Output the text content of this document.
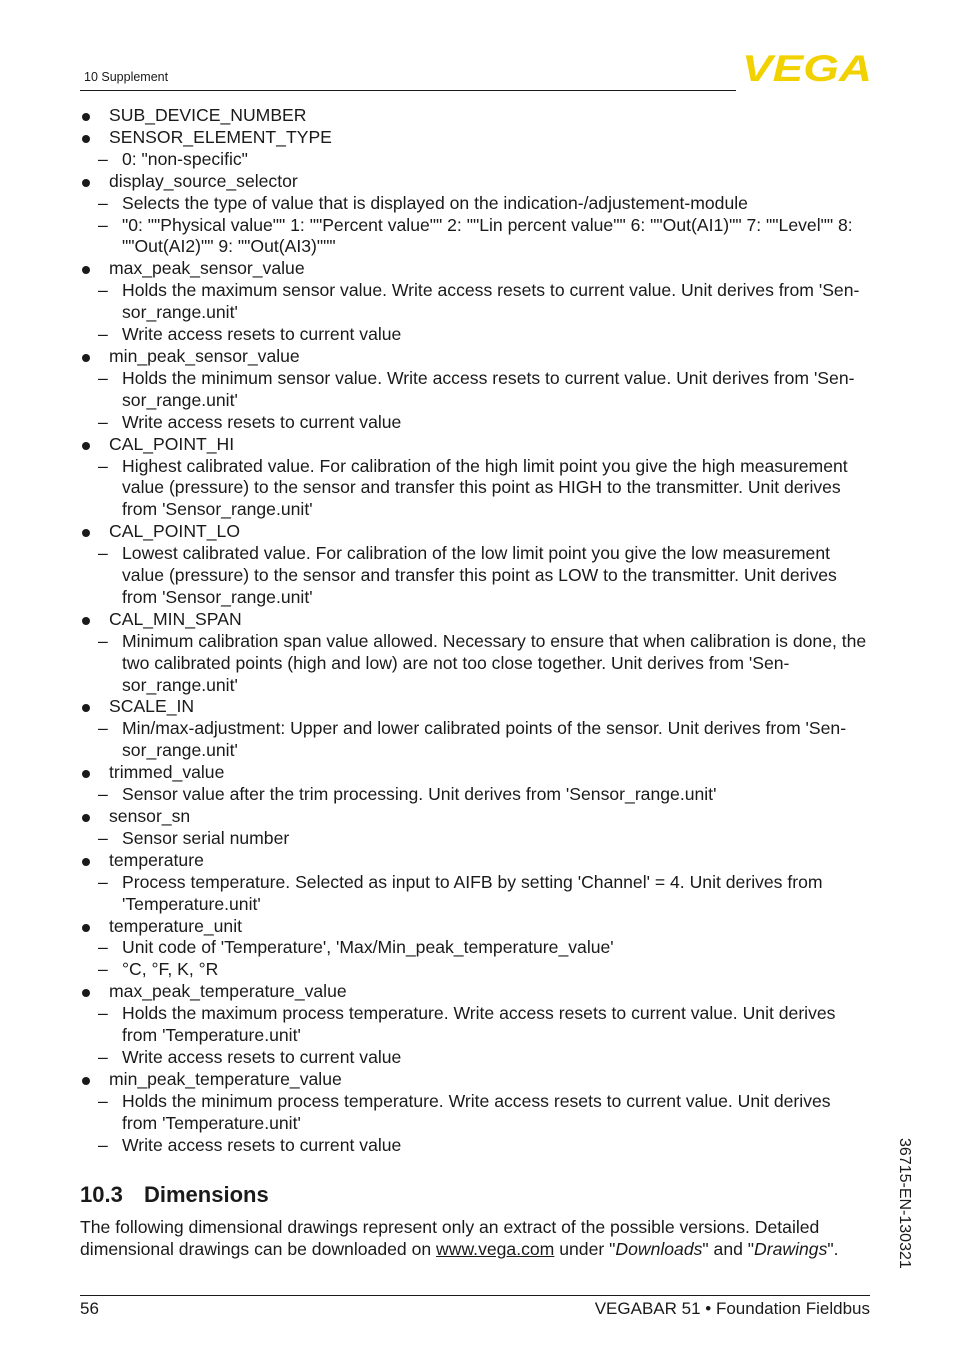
10 Supplement	VEGA
SUB_DEVICE_NUMBER
SENSOR_ELEMENT_TYPE
– 0: "non-specific"
display_source_selector
– Selects the type of value that is displayed on the indication-/adjustement-module
– "0: ""Physical value"" 1: ""Percent value"" 2: ""Lin percent value"" 6: ""Out(AI1)"" 7: ""Level"" 8: ""Out(AI2)"" 9: ""Out(AI3)"""
max_peak_sensor_value
– Holds the maximum sensor value. Write access resets to current value. Unit derives from 'Sensor_range.unit'
– Write access resets to current value
min_peak_sensor_value
– Holds the minimum sensor value. Write access resets to current value. Unit derives from 'Sensor_range.unit'
– Write access resets to current value
CAL_POINT_HI
– Highest calibrated value. For calibration of the high limit point you give the high measurement value (pressure) to the sensor and transfer this point as HIGH to the transmitter. Unit derives from 'Sensor_range.unit'
CAL_POINT_LO
– Lowest calibrated value. For calibration of the low limit point you give the low measurement value (pressure) to the sensor and transfer this point as LOW to the transmitter. Unit derives from 'Sensor_range.unit'
CAL_MIN_SPAN
– Minimum calibration span value allowed. Necessary to ensure that when calibration is done, the two calibrated points (high and low) are not too close together. Unit derives from 'Sensor_range.unit'
SCALE_IN
– Min/max-adjustment: Upper and lower calibrated points of the sensor. Unit derives from 'Sensor_range.unit'
trimmed_value
– Sensor value after the trim processing. Unit derives from 'Sensor_range.unit'
sensor_sn
– Sensor serial number
temperature
– Process temperature. Selected as input to AIFB by setting 'Channel' = 4. Unit derives from 'Temperature.unit'
temperature_unit
– Unit code of 'Temperature', 'Max/Min_peak_temperature_value'
– °C, °F, K, °R
max_peak_temperature_value
– Holds the maximum process temperature. Write access resets to current value. Unit derives from 'Temperature.unit'
– Write access resets to current value
min_peak_temperature_value
– Holds the minimum process temperature. Write access resets to current value. Unit derives from 'Temperature.unit'
– Write access resets to current value
10.3 Dimensions
The following dimensional drawings represent only an extract of the possible versions. Detailed dimensional drawings can be downloaded on www.vega.com under "Downloads" and "Drawings".
56	VEGABAR 51 • Foundation Fieldbus
36715-EN-130321
